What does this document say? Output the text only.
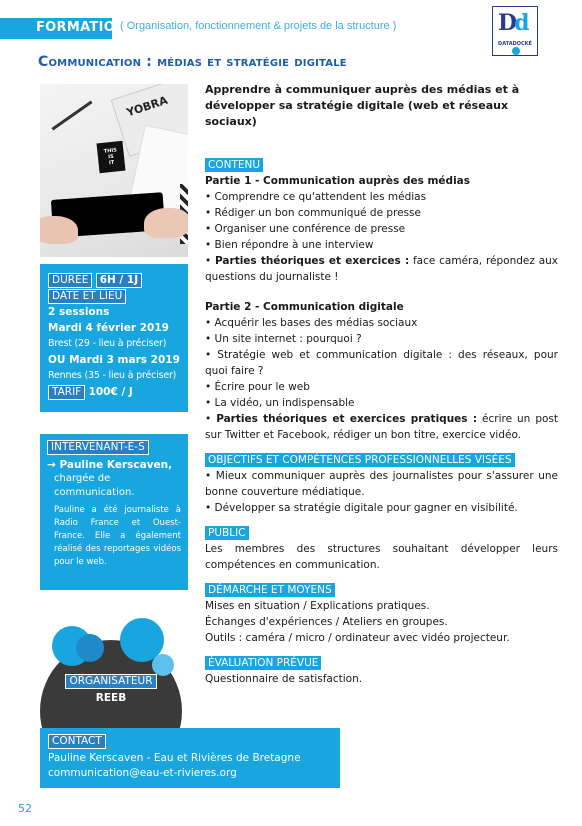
FORMATION
( Organisation, fonctionnement & projets de la structure )	Dd
DATADOCKÉ
Communication : médias et stratégie digitale
YOBRA
THIS
IS
IT
DURÉE 6H / 1J
DATE ET LIEU
2 sessions
Mardi 4 février 2019
Brest (29 - lieu à préciser)
OU Mardi 3 mars 2019
Rennes (35 - lieu à préciser)
TARIF 100€ / J
INTERVENANT-E-S
→ Pauline Kerscaven,
chargée de
communication.
Pauline a été journaliste à Radio France et Ouest-France. Elle a également réalisé des reportages vidéos pour le web.
ORGANISATEUR
REEB
CONTACT
Pauline Kerscaven - Eau et Rivières de Bretagne
communication@eau-et-rivieres.org
52
Apprendre à communiquer auprès des médias et à développer sa stratégie digitale (web et réseaux sociaux)
CONTENU
Partie 1 - Communication auprès des médias
• Comprendre ce qu'attendent les médias
• Rédiger un bon communiqué de presse
• Organiser une conférence de presse
• Bien répondre à une interview
• Parties théoriques et exercices : face caméra, répondez aux questions du journaliste !
Partie 2 - Communication digitale
• Acquérir les bases des médias sociaux
• Un site internet : pourquoi ?
• Stratégie web et communication digitale : des réseaux, pour quoi faire ?
• Écrire pour le web
• La vidéo, un indispensable
• Parties théoriques et exercices pratiques : écrire un post sur Twitter et Facebook, rédiger un bon titre, exercice vidéo.
OBJECTIFS ET COMPÉTENCES PROFESSIONNELLES VISÉES
• Mieux communiquer auprès des journalistes pour s'assurer une bonne couverture médiatique.
• Développer sa stratégie digitale pour gagner en visibilité.
PUBLIC
Les membres des structures souhaitant développer leurs compétences en communication.
DÉMARCHE ET MOYENS
Mises en situation / Explications pratiques.
Échanges d'expériences / Ateliers en groupes.
Outils : caméra / micro / ordinateur avec vidéo projecteur.
ÉVALUATION PRÉVUE
Questionnaire de satisfaction.
